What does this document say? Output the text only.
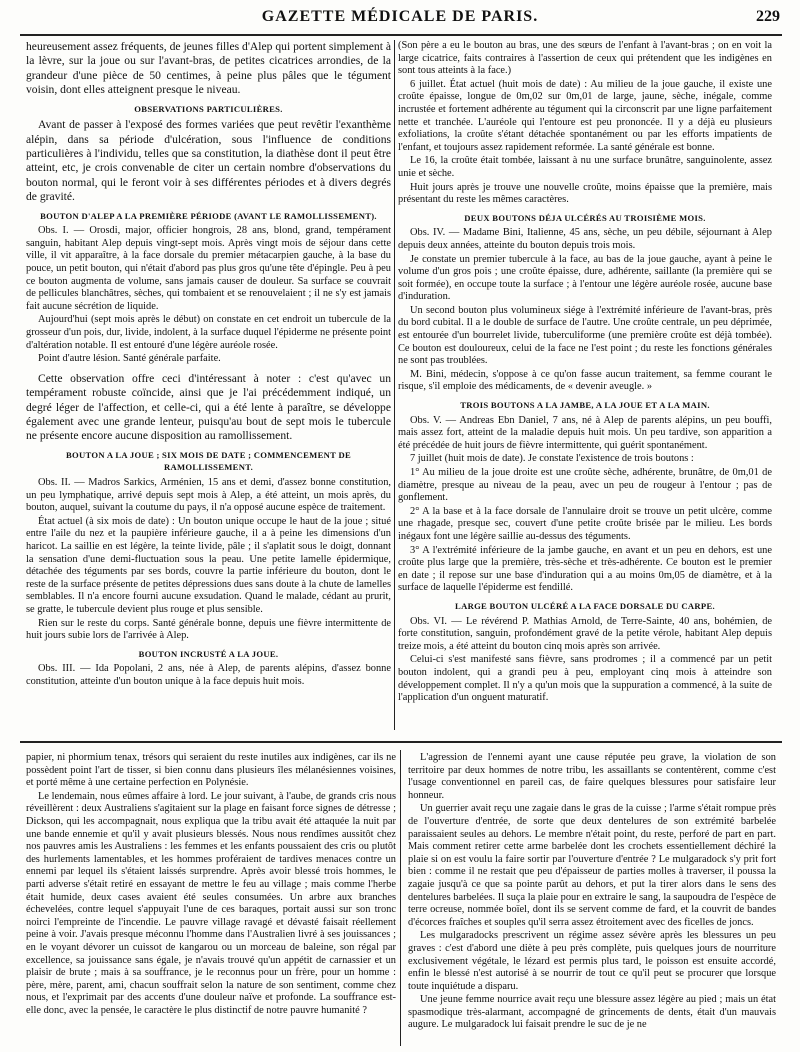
GAZETTE MÉDICALE DE PARIS.	229

heureusement assez fréquents, de jeunes filles d'Alep qui portent simplement à la lèvre, sur la joue ou sur l'avant-bras, de petites cicatrices arrondies, de la grandeur d'une pièce de 50 centimes, à peine plus pâles que le tégument voisin, dont elles atteignent presque le niveau.

OBSERVATIONS PARTICULIÈRES.

Avant de passer à l'exposé des formes variées que peut revêtir l'exanthème alépin, dans sa période d'ulcération, sous l'influence de conditions particulières à l'individu, telles que sa constitution, la diathèse dont il peut être atteint, etc, je crois convenable de citer un certain nombre d'observations du bouton normal, qui le feront voir à ses différentes périodes et à divers degrés de gravité.

BOUTON D'ALEP A LA PREMIÈRE PÉRIODE (AVANT LE RAMOLLISSEMENT).

Obs. I. — Orosdi, major, officier hongrois, 28 ans, blond, grand, tempérament sanguin, habitant Alep depuis vingt-sept mois. Après vingt mois de séjour dans cette ville, il vit apparaître, à la face dorsale du premier métacarpien gauche, à la base du pouce, un petit bouton, qui n'était d'abord pas plus gros qu'une tête d'épingle. Peu à peu ce bouton augmenta de volume, sans jamais causer de douleur. Sa surface se couvrait de pellicules blanchâtres, sèches, qui tombaient et se renouvelaient ; il ne s'y est jamais fait aucune sécrétion de liquide.

Aujourd'hui (sept mois après le début) on constate en cet endroit un tubercule de la grosseur d'un pois, dur, livide, indolent, à la surface duquel l'épiderme ne présente point d'altération notable. Il est entouré d'une légère auréole rosée.

Point d'autre lésion. Santé générale parfaite.

Cette observation offre ceci d'intéressant à noter : c'est qu'avec un tempérament robuste coïncide, ainsi que je l'ai précédemment indiqué, un degré léger de l'affection, et celle-ci, qui a été lente à paraître, se développe également avec une grande lenteur, puisqu'au bout de sept mois le tubercule ne présente encore aucune disposition au ramollissement.

BOUTON A LA JOUE ; SIX MOIS DE DATE ; COMMENCEMENT DE RAMOLLISSEMENT.

Obs. II. — Madros Sarkics, Arménien, 15 ans et demi, d'assez bonne constitution, un peu lymphatique, arrivé depuis sept mois à Alep, a été atteint, un mois après, du bouton, auquel, suivant la coutume du pays, il n'a opposé aucune espèce de traitement.

État actuel (à six mois de date) : Un bouton unique occupe le haut de la joue ; situé entre l'aile du nez et la paupière inférieure gauche, il a à peine les dimensions d'un haricot. La saillie en est légère, la teinte livide, pâle ; il s'aplatit sous le doigt, donnant la sensation d'une demi-fluctuation sous la peau. Une petite lamelle épidermique, détachée des téguments par ses bords, couvre la partie inférieure du bouton, dont le reste de la surface présente de petites dépressions dues sans doute à la chute de lamelles semblables. Il n'a encore fourni aucune exsudation. Quand le malade, cédant au prurit, se gratte, le tubercule devient plus rouge et plus sensible.

Rien sur le reste du corps. Santé générale bonne, depuis une fièvre intermittente de huit jours subie lors de l'arrivée à Alep.

BOUTON INCRUSTÉ A LA JOUE.

Obs. III. — Ida Popolani, 2 ans, née à Alep, de parents alépins, d'assez bonne constitution, atteinte d'un bouton unique à la face depuis huit mois.

(Son père a eu le bouton au bras, une des sœurs de l'enfant à l'avant-bras ; on en voit la large cicatrice, faits contraires à l'assertion de ceux qui prétendent que les indigènes en sont tous atteints à la face.)

6 juillet. État actuel (huit mois de date) : Au milieu de la joue gauche, il existe une croûte épaisse, longue de 0m,02 sur 0m,01 de large, jaune, sèche, inégale, comme incrustée et fortement adhérente au tégument qui la circonscrit par une ligne parfaitement nette et tranchée. L'auréole qui l'entoure est peu prononcée. Il y a déjà eu plusieurs exfoliations, la croûte s'étant détachée spontanément ou par les efforts impatients de l'enfant, et toujours assez rapidement reformée. La santé générale est bonne.

Le 16, la croûte était tombée, laissant à nu une surface brunâtre, sanguinolente, assez unie et sèche.

Huit jours après je trouve une nouvelle croûte, moins épaisse que la première, mais présentant du reste les mêmes caractères.

DEUX BOUTONS DÉJA ULCÉRÉS AU TROISIÈME MOIS.

Obs. IV. — Madame Bini, Italienne, 45 ans, sèche, un peu débile, séjournant à Alep depuis deux années, atteinte du bouton depuis trois mois.

Je constate un premier tubercule à la face, au bas de la joue gauche, ayant à peine le volume d'un gros pois ; une croûte épaisse, dure, adhérente, saillante (la première qui se soit formée), en occupe toute la surface ; à l'entour une légère auréole rosée, aucune base d'induration.

Un second bouton plus volumineux siége à l'extrémité inférieure de l'avant-bras, près du bord cubital. Il a le double de surface de l'autre. Une croûte centrale, un peu déprimée, est entourée d'un bourrelet livide, tuberculiforme (une première croûte est déjà tombée). Ce bouton est douloureux, celui de la face ne l'est point ; du reste les fonctions générales ne sont pas troublées.

M. Bini, médecin, s'oppose à ce qu'on fasse aucun traitement, sa femme courant le risque, s'il emploie des médicaments, de « devenir aveugle. »

TROIS BOUTONS A LA JAMBE, A LA JOUE ET A LA MAIN.

Obs. V. — Andreas Ebn Daniel, 7 ans, né à Alep de parents alépins, un peu bouffi, mais assez fort, atteint de la maladie depuis huit mois. Un peu tardive, son apparition a été précédée de huit jours de fièvre intermittente, qui guérit spontanément.

7 juillet (huit mois de date). Je constate l'existence de trois boutons :

1° Au milieu de la joue droite est une croûte sèche, adhérente, brunâtre, de 0m,01 de diamètre, presque au niveau de la peau, avec un peu de rougeur à l'entour ; pas de gonflement.

2° A la base et à la face dorsale de l'annulaire droit se trouve un petit ulcère, comme une rhagade, presque sec, couvert d'une petite croûte brisée par le milieu. Les bords inégaux font une légère saillie au-dessus des téguments.

3° A l'extrémité inférieure de la jambe gauche, en avant et un peu en dehors, est une croûte plus large que la première, très-sèche et très-adhérente. Ce bouton est le premier en date ; il repose sur une base d'induration qui a au moins 0m,05 de diamètre, et à la surface de laquelle l'épiderme est fendillé.

LARGE BOUTON ULCÉRÉ A LA FACE DORSALE DU CARPE.

Obs. VI. — Le révérend P. Mathias Arnold, de Terre-Sainte, 40 ans, bohémien, de forte constitution, sanguin, profondément gravé de la petite vérole, habitant Alep depuis treize mois, a été atteint du bouton cinq mois après son arrivée.

Celui-ci s'est manifesté sans fièvre, sans prodromes ; il a commencé par un petit bouton indolent, qui a grandi peu à peu, employant cinq mois à atteindre son développement complet. Il n'y a qu'un mois que la suppuration a commencé, à la suite de l'application d'un onguent maturatif.

papier, ni phormium tenax, trésors qui seraient du reste inutiles aux indigènes, car ils ne possèdent point l'art de tisser, si bien connu dans plusieurs îles mélanésiennes voisines, et porté même à une certaine perfection en Polynésie.

Le lendemain, nous eûmes affaire à lord. Le jour suivant, à l'aube, de grands cris nous réveillèrent : deux Australiens s'agitaient sur la plage en faisant force signes de détresse ; Dickson, qui les accompagnait, nous expliqua que la tribu avait été attaquée la nuit par une bande ennemie et qu'il y avait plusieurs blessés. Nous nous rendîmes aussitôt chez nos pauvres amis les Australiens : les femmes et les enfants poussaient des cris ou plutôt des hurlements lamentables, et les hommes proféraient de tardives menaces contre un ennemi par lequel ils s'étaient laissés surprendre. Après avoir blessé trois hommes, le parti adverse s'était retiré en essayant de mettre le feu au village ; mais comme l'herbe était humide, deux cases avaient été seules consumées. Un arbre aux branches échevelées, contre lequel s'appuyait l'une de ces baraques, portait aussi sur son tronc noirci l'empreinte de l'incendie. Le pauvre village ravagé et dévasté faisait réellement peine à voir. J'avais presque méconnu l'homme dans l'Australien livré à ses jouissances ; en le voyant dévorer un cuissot de kangarou ou un morceau de baleine, son régal par excellence, sa jouissance sans égale, je n'avais trouvé qu'un appétit de carnassier et un plaisir de brute ; mais à sa souffrance, je le reconnus pour un frère, pour un homme : père, mère, parent, ami, chacun souffrait selon la nature de son sentiment, comme chez nous, et l'exprimait par des accents d'une douleur naïve et profonde. La souffrance est-elle donc, avec la pensée, le caractère le plus distinctif de notre pauvre humanité ?

L'agression de l'ennemi ayant une cause réputée peu grave, la violation de son territoire par deux hommes de notre tribu, les assaillants se contentèrent, comme c'est l'usage conventionnel en pareil cas, de faire quelques blessures pour satisfaire leur honneur.

Un guerrier avait reçu une zagaie dans le gras de la cuisse ; l'arme s'était rompue près de l'ouverture d'entrée, de sorte que deux dentelures de son extrémité barbelée paraissaient seules au dehors. Le membre n'était point, du reste, perforé de part en part. Mais comment retirer cette arme barbelée dont les crochets essentiellement déchiré la plaie si on est voulu la faire sortir par l'ouverture d'entrée ? Le mulgaradock s'y prit fort bien : comme il ne restait que peu d'épaisseur de parties molles à traverser, il poussa la zagaie jusqu'à ce que sa pointe parût au dehors, et put la tirer alors dans le sens des dentelures barbelées. Il suça la plaie pour en extraire le sang, la saupoudra de l'espèce de terre ocreuse, nommée boïel, dont ils se servent comme de fard, et la couvrit de bandes d'écorces fraîches et souples qu'il serra assez étroitement avec des ficelles de joncs.

Les mulgaradocks prescrivent un régime assez sévère après les blessures un peu graves : c'est d'abord une diète à peu près complète, puis quelques jours de nourriture exclusivement végétale, le lézard est permis plus tard, le poisson est ensuite accordé, enfin le blessé n'est autorisé à se nourrir de tout ce qu'il peut se procurer que lorsque toute inquiétude a disparu.

Une jeune femme nourrice avait reçu une blessure assez légère au pied ; mais un état spasmodique très-alarmant, accompagné de grincements de dents, était d'un mauvais augure. Le mulgaradock lui faisait prendre le suc de je ne
